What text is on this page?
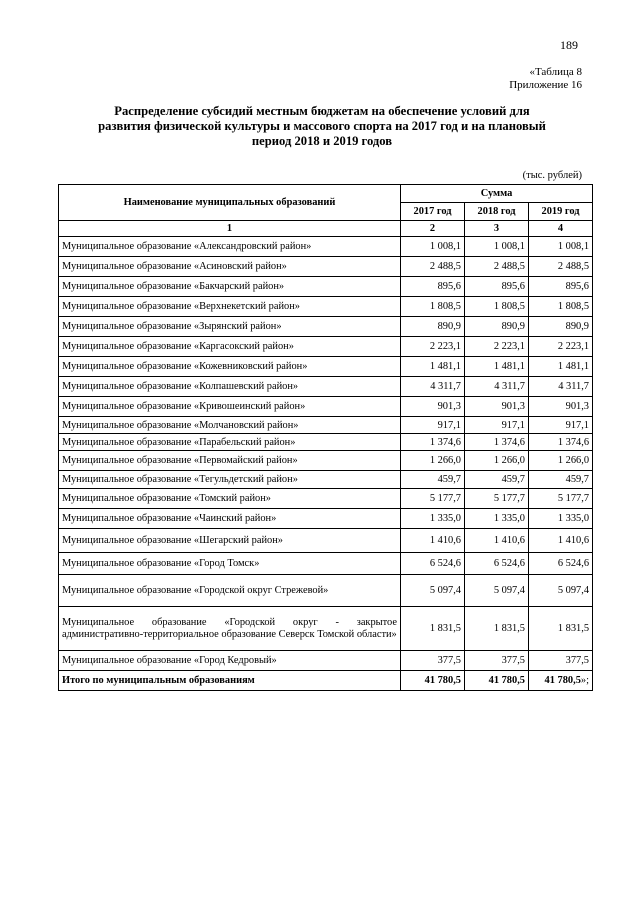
189
«Таблица 8
Приложение 16
Распределение субсидий местным бюджетам на обеспечение условий для
развития физической культуры и массового спорта на 2017 год и на плановый
период 2018 и 2019 годов
(тыс. рублей)
Наименование муниципальных образований	Сумма		
	2017 год	2018 год	2019 год
1	2	3	4
Муниципальное образование «Александровский район»	1 008,1	1 008,1	1 008,1
Муниципальное образование «Асиновский район»	2 488,5	2 488,5	2 488,5
Муниципальное образование «Бакчарский район»	895,6	895,6	895,6
Муниципальное образование «Верхнекетский район»	1 808,5	1 808,5	1 808,5
Муниципальное образование «Зырянский район»	890,9	890,9	890,9
Муниципальное образование «Каргасокский район»	2 223,1	2 223,1	2 223,1
Муниципальное образование «Кожевниковский район»	1 481,1	1 481,1	1 481,1
Муниципальное образование «Колпашевский район»	4 311,7	4 311,7	4 311,7
Муниципальное образование «Кривошеинский район»	901,3	901,3	901,3
Муниципальное образование «Молчановский район»	917,1	917,1	917,1
Муниципальное образование «Парабельский район»	1 374,6	1 374,6	1 374,6
Муниципальное образование «Первомайский район»	1 266,0	1 266,0	1 266,0
Муниципальное образование «Тегульдетский район»	459,7	459,7	459,7
Муниципальное образование «Томский район»	5 177,7	5 177,7	5 177,7
Муниципальное образование «Чаинский район»	1 335,0	1 335,0	1 335,0
Муниципальное образование «Шегарский район»	1 410,6	1 410,6	1 410,6
Муниципальное образование «Город Томск»	6 524,6	6 524,6	6 524,6
Муниципальное образование «Городской округ Стрежевой»	5 097,4	5 097,4	5 097,4
Муниципальное образование «Городской округ - закрытое административно-территориальное образование Северск Томской области»	1 831,5	1 831,5	1 831,5
Муниципальное образование «Город Кедровый»	377,5	377,5	377,5
Итого по муниципальным образованиям	41 780,5	41 780,5	41 780,5»;
